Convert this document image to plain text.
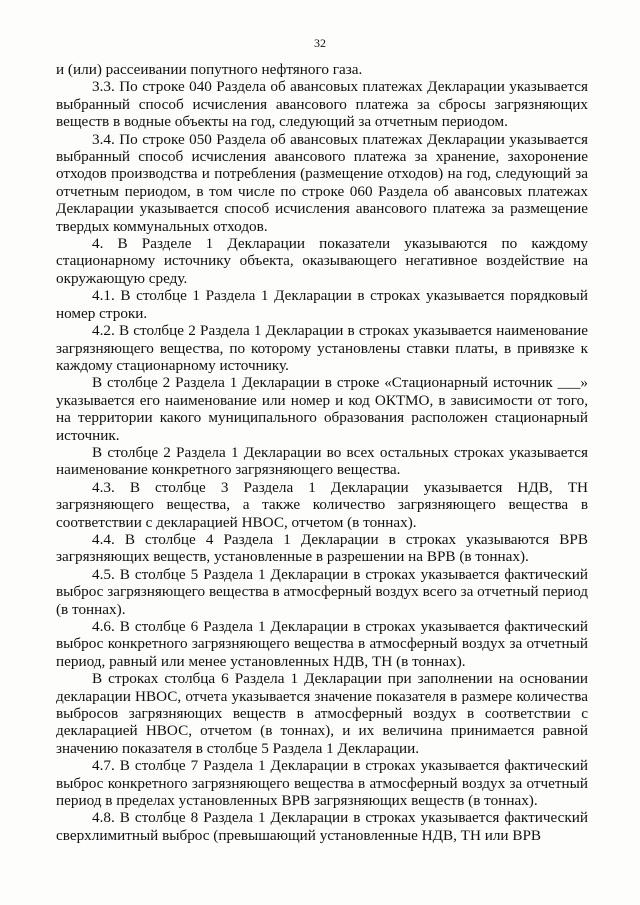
32

и (или) рассеивании попутного нефтяного газа.

3.3. По строке 040 Раздела об авансовых платежах Декларации указывается выбранный способ исчисления авансового платежа за сбросы загрязняющих веществ в водные объекты на год, следующий за отчетным периодом.

3.4. По строке 050 Раздела об авансовых платежах Декларации указывается выбранный способ исчисления авансового платежа за хранение, захоронение отходов производства и потребления (размещение отходов) на год, следующий за отчетным периодом, в том числе по строке 060 Раздела об авансовых платежах Декларации указывается способ исчисления авансового платежа за размещение твердых коммунальных отходов.

4. В Разделе 1 Декларации показатели указываются по каждому стационарному источнику объекта, оказывающего негативное воздействие на окружающую среду.

4.1. В столбце 1 Раздела 1 Декларации в строках указывается порядковый номер строки.

4.2. В столбце 2 Раздела 1 Декларации в строках указывается наименование загрязняющего вещества, по которому установлены ставки платы, в привязке к каждому стационарному источнику.

В столбце 2 Раздела 1 Декларации в строке «Стационарный источник ___» указывается его наименование или номер и код ОКТМО, в зависимости от того, на территории какого муниципального образования расположен стационарный источник.

В столбце 2 Раздела 1 Декларации во всех остальных строках указывается наименование конкретного загрязняющего вещества.

4.3. В столбце 3 Раздела 1 Декларации указывается НДВ, ТН загрязняющего вещества, а также количество загрязняющего вещества в соответствии с декларацией НВОС, отчетом (в тоннах).

4.4. В столбце 4 Раздела 1 Декларации в строках указываются ВРВ загрязняющих веществ, установленные в разрешении на ВРВ (в тоннах).

4.5. В столбце 5 Раздела 1 Декларации в строках указывается фактический выброс загрязняющего вещества в атмосферный воздух всего за отчетный период (в тоннах).

4.6. В столбце 6 Раздела 1 Декларации в строках указывается фактический выброс конкретного загрязняющего вещества в атмосферный воздух за отчетный период, равный или менее установленных НДВ, ТН (в тоннах).

В строках столбца 6 Раздела 1 Декларации при заполнении на основании декларации НВОС, отчета указывается значение показателя в размере количества выбросов загрязняющих веществ в атмосферный воздух в соответствии с декларацией НВОС, отчетом (в тоннах), и их величина принимается равной значению показателя в столбце 5 Раздела 1 Декларации.

4.7. В столбце 7 Раздела 1 Декларации в строках указывается фактический выброс конкретного загрязняющего вещества в атмосферный воздух за отчетный период в пределах установленных ВРВ загрязняющих веществ (в тоннах).

4.8. В столбце 8 Раздела 1 Декларации в строках указывается фактический сверхлимитный выброс (превышающий установленные НДВ, ТН или ВРВ
